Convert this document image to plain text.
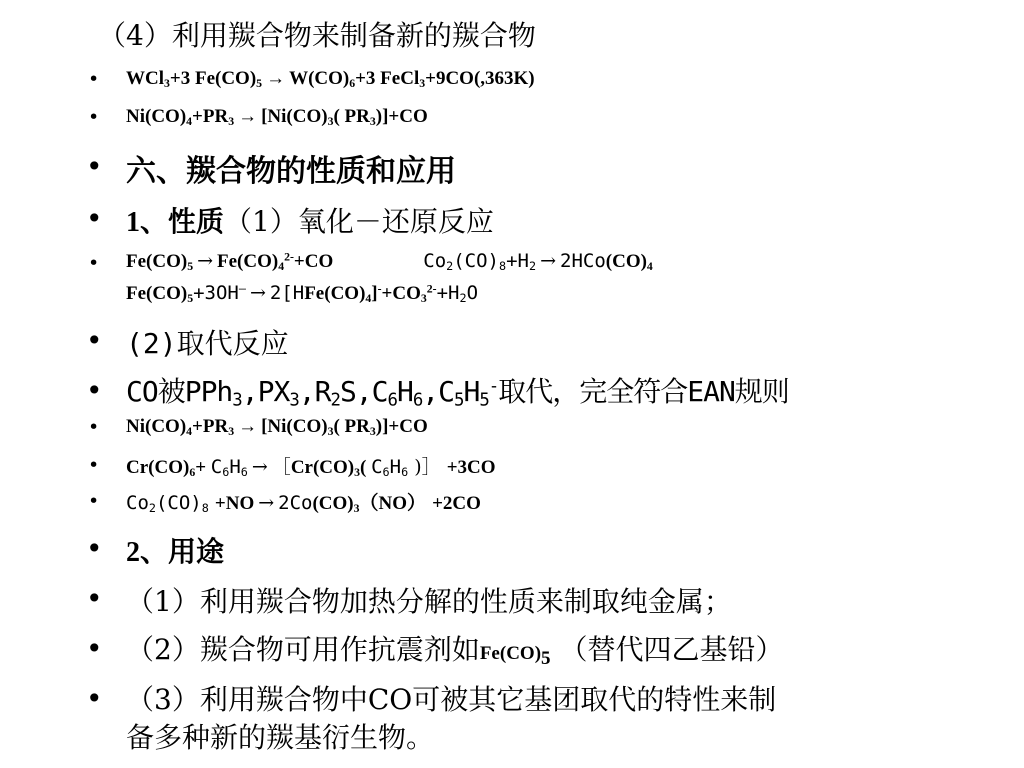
（4）利用羰合物来制备新的羰合物
• WCl$_3$+3 $Fe(CO)_5 \to W(CO)_6+3$ FeCl$_3$+9CO(,363K)
• $Ni(CO)_4+PR_3 \to [Ni(CO)_3$( $PR_3)]+CO$
• 六、羰合物的性质和应用
• 1、性质（1）氧化－还原反应
• $Fe(CO)_5 \to Fe(CO)_4^{2-}+CO$	$Co_2(CO)_8+H_2 \to 2HCo(CO)_4$
$Fe(CO)_5+3OH^- \to 2[HFe(CO)_4]^-+CO_3^{2-}+H_2O$
• (2)取代反应
• CO被$PPh_3,PX_3,R_2S,C_6H_6,C_5H_5^-$取代，完全符合EAN规则
• $Ni(CO)_4+PR_3 \to [Ni(CO)_3$( $PR_3)]+CO$
• $Cr(CO)_6+ C_6H_6$ → $[Cr(CO)_3$( $C_6H_6$ )］ +3CO
• $Co_2(CO)_8 +NO \to 2Co(CO)_3(NO) +2CO$
• 2、用途
• （1）利用羰合物加热分解的性质来制取纯金属；
• （2）羰合物可用作抗震剂如$Fe(CO)_5$ （替代四乙基铅）
• （3）利用羰合物中CO可被其它基团取代的特性来制
备多种新的羰基衍生物。
